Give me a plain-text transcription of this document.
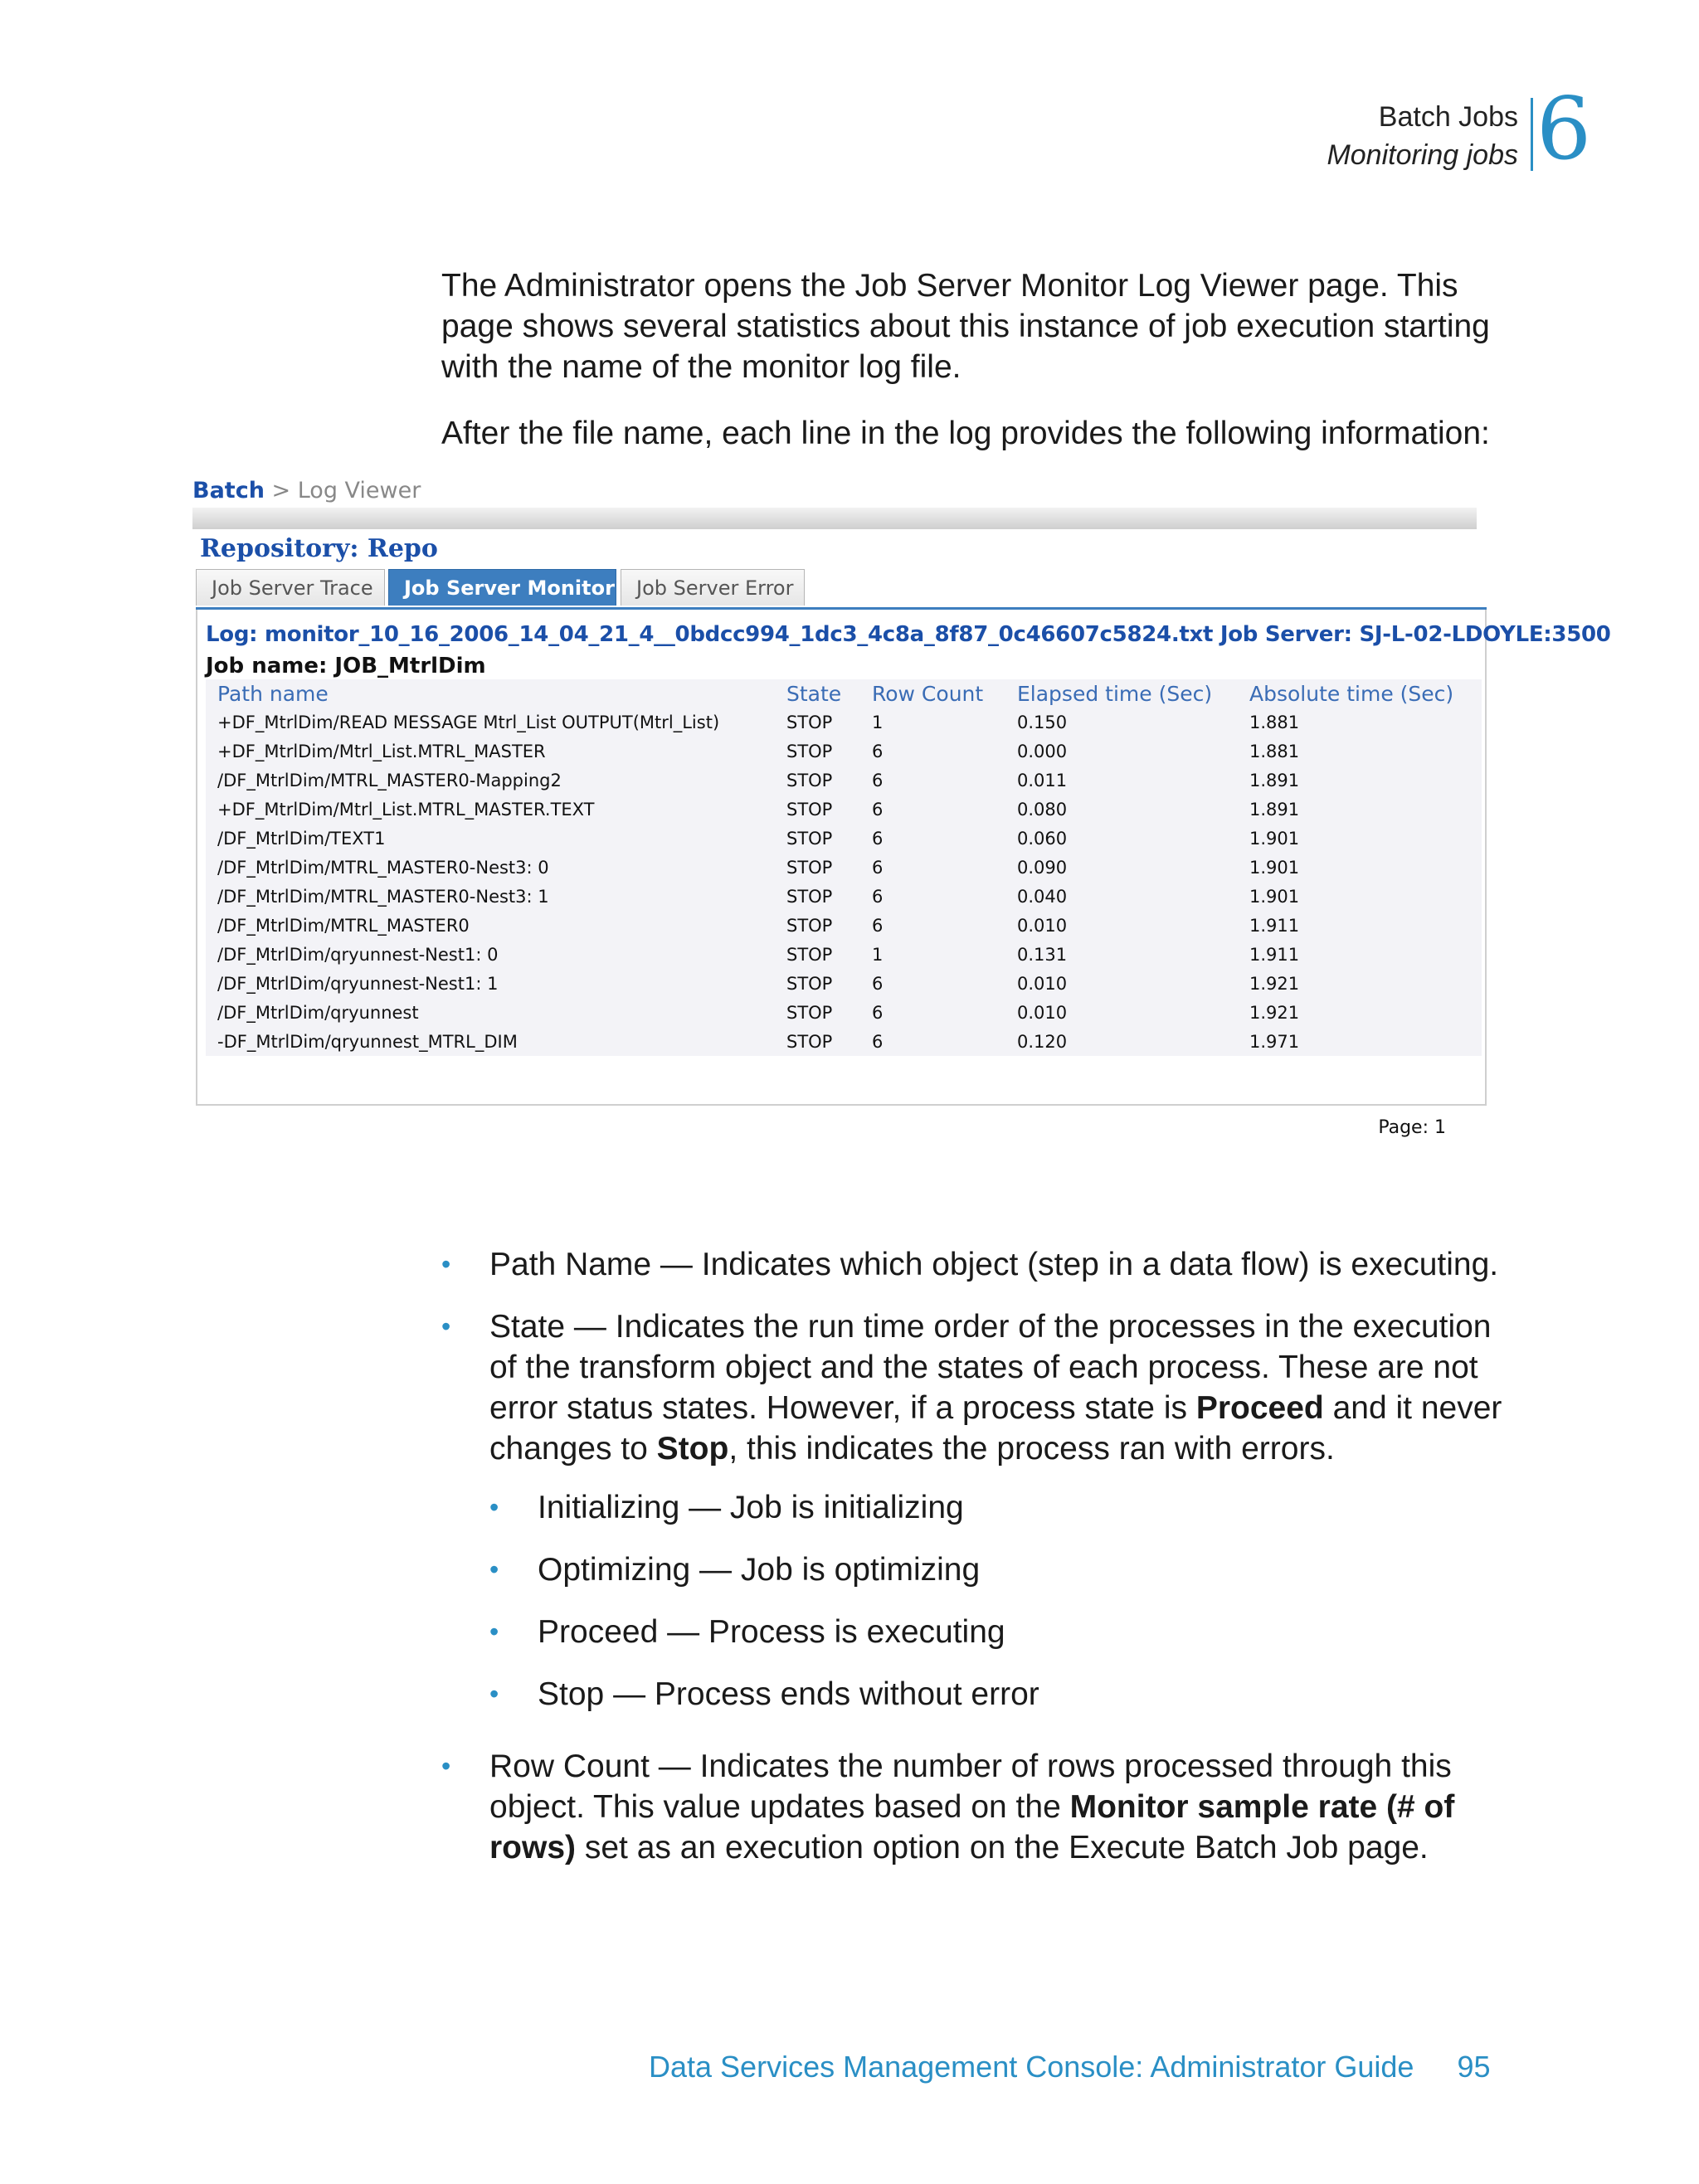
Batch Jobs
Monitoring jobs 6
The Administrator opens the Job Server Monitor Log Viewer page. This page shows several statistics about this instance of job execution starting with the name of the monitor log file.
After the file name, each line in the log provides the following information:
Batch > Log Viewer
Repository: Repo
Job Server Trace	Job Server Monitor	Job Server Error
Log: monitor_10_16_2006_14_04_21_4__0bdcc994_1dc3_4c8a_8f87_0c46607c5824.txt Job Server: SJ-L-02-LDOYLE:3500
Job name: JOB_MtrlDim
Path name	State	Row Count	Elapsed time (Sec)	Absolute time (Sec)
+DF_MtrlDim/READ MESSAGE Mtrl_List OUTPUT(Mtrl_List)	STOP	1	0.150	1.881
+DF_MtrlDim/Mtrl_List.MTRL_MASTER	STOP	6	0.000	1.881
/DF_MtrlDim/MTRL_MASTER0-Mapping2	STOP	6	0.011	1.891
+DF_MtrlDim/Mtrl_List.MTRL_MASTER.TEXT	STOP	6	0.080	1.891
/DF_MtrlDim/TEXT1	STOP	6	0.060	1.901
/DF_MtrlDim/MTRL_MASTER0-Nest3: 0	STOP	6	0.090	1.901
/DF_MtrlDim/MTRL_MASTER0-Nest3: 1	STOP	6	0.040	1.901
/DF_MtrlDim/MTRL_MASTER0	STOP	6	0.010	1.911
/DF_MtrlDim/qryunnest-Nest1: 0	STOP	1	0.131	1.911
/DF_MtrlDim/qryunnest-Nest1: 1	STOP	6	0.010	1.921
/DF_MtrlDim/qryunnest	STOP	6	0.010	1.921
-DF_MtrlDim/qryunnest_MTRL_DIM	STOP	6	0.120	1.971
Page: 1
• Path Name — Indicates which object (step in a data flow) is executing.
• State — Indicates the run time order of the processes in the execution of the transform object and the states of each process. These are not error status states. However, if a process state is Proceed and it never changes to Stop, this indicates the process ran with errors.
• Initializing — Job is initializing
• Optimizing — Job is optimizing
• Proceed — Process is executing
• Stop — Process ends without error
• Row Count — Indicates the number of rows processed through this object. This value updates based on the Monitor sample rate (# of rows) set as an execution option on the Execute Batch Job page.
Data Services Management Console: Administrator Guide 95
